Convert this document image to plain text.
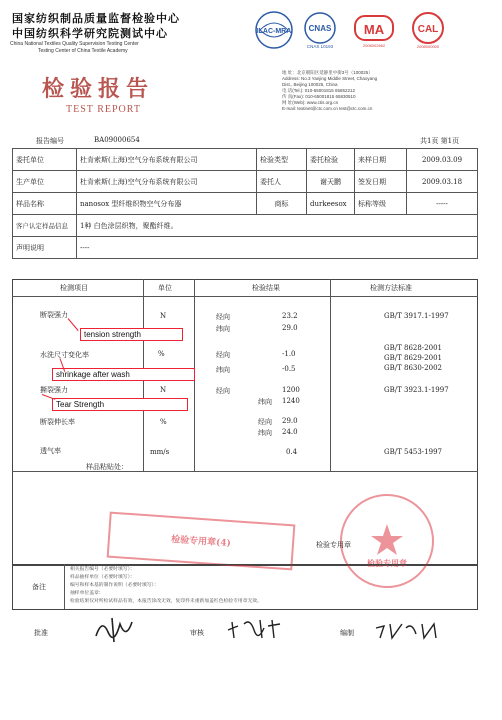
国家纺织制品质量监督检验中心
中国纺织科学研究院测试中心
China National Textiles Quality Supervision Testing Center
Testing Center of China Textile Academy
ILAC-MRA CNAS
CNAS L0193
MA
2008002662
CAL
2008000000
检验报告
TEST REPORT
地 址：北京朝阳区延静里中街3号（100025）
Address: No.3 Yanjing Middle Street, Chaoyang
Dist., Beijing 100025, China
电 话(Tel.): 010-65001815 65852212
传 真(Fax): 010-65001815 65830510
网 址(Web): www.ctis.org.cn
E-mail: textinet@ctc.com.cn test@ctc.com.cn
报告编号	BA09000654	共1页 第1页
委托单位	杜肯索斯(上海)空气分布系统有限公司	检验类型	委托检验	来样日期	2009.03.09
生产单位	杜肯索斯(上海)空气分布系统有限公司	委托人	谢天鹏	签发日期	2009.03.18
样品名称	nanosox 型纤维织物空气分布器	商标	durkeesox	标称等级	-----
客户认定样品信息	1种 白色涂层织物，聚酯纤维。				
声明说明	----				
检测项目	单位	检验结果	检测方法标准
断裂强力	N	经向	23.2
纬向	29.0
GB/T 3917.1-1997
水洗尺寸变化率	%	经向	-1.0
纬向	-0.5
GB/T 8628-2001
GB/T 8629-2001
GB/T 8630-2002
撕裂强力	N	经向	1200
纬向 1240
GB/T 3923.1-1997
断裂伸长率	%	经向 29.0
纬向 24.0
透气率	mm/s	0.4	GB/T 5453-1997
样品粘贴处：
tension strength
shrinkage after wash
Tear Strength
检验专用章(4)
检验专用章
检验专用章
备注
相关报告编号（必要时填写）：
样品抽样单位（必要时填写）：
编号和样本基的制作说明（必要时填写）：
抽样单位盖章：
检验结果仅对所检试样品有效，本报告涂改无效，复印件未重新加盖红色检验专用章无效。
批准	审核	编制
